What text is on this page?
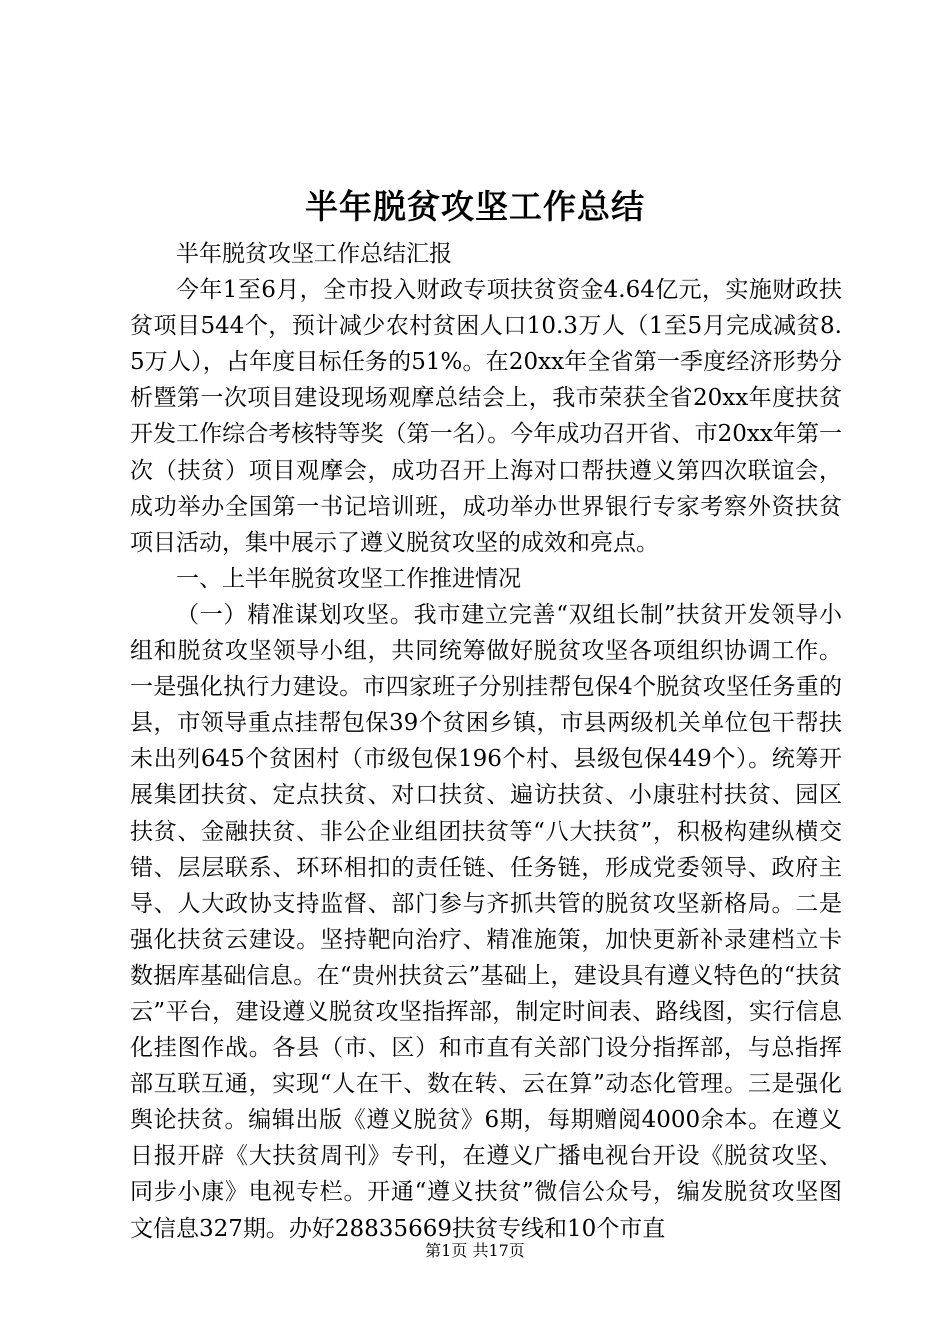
半年脱贫攻坚工作总结

半年脱贫攻坚工作总结汇报

今年1至6月，全市投入财政专项扶贫资金4.64亿元，实施财政扶贫项目544个，预计减少农村贫困人口10.3万人（1至5月完成减贫8.5万人），占年度目标任务的51%。在20xx年全省第一季度经济形势分析暨第一次项目建设现场观摩总结会上，我市荣获全省20xx年度扶贫开发工作综合考核特等奖（第一名）。今年成功召开省、市20xx年第一次（扶贫）项目观摩会，成功召开上海对口帮扶遵义第四次联谊会，成功举办全国第一书记培训班，成功举办世界银行专家考察外资扶贫项目活动，集中展示了遵义脱贫攻坚的成效和亮点。

一、上半年脱贫攻坚工作推进情况

（一）精准谋划攻坚。我市建立完善“双组长制”扶贫开发领导小组和脱贫攻坚领导小组，共同统筹做好脱贫攻坚各项组织协调工作。一是强化执行力建设。市四家班子分别挂帮包保4个脱贫攻坚任务重的县，市领导重点挂帮包保39个贫困乡镇，市县两级机关单位包干帮扶未出列645个贫困村（市级包保196个村、县级包保449个）。统筹开展集团扶贫、定点扶贫、对口扶贫、遍访扶贫、小康驻村扶贫、园区扶贫、金融扶贫、非公企业组团扶贫等“八大扶贫”，积极构建纵横交错、层层联系、环环相扣的责任链、任务链，形成党委领导、政府主导、人大政协支持监督、部门参与齐抓共管的脱贫攻坚新格局。二是强化扶贫云建设。坚持靶向治疗、精准施策，加快更新补录建档立卡数据库基础信息。在“贵州扶贫云”基础上，建设具有遵义特色的“扶贫云”平台，建设遵义脱贫攻坚指挥部，制定时间表、路线图，实行信息化挂图作战。各县（市、区）和市直有关部门设分指挥部，与总指挥部互联互通，实现“人在干、数在转、云在算”动态化管理。三是强化舆论扶贫。编辑出版《遵义脱贫》6期，每期赠阅4000余本。在遵义日报开辟《大扶贫周刊》专刊，在遵义广播电视台开设《脱贫攻坚、同步小康》电视专栏。开通“遵义扶贫”微信公众号，编发脱贫攻坚图文信息327期。办好28835669扶贫专线和10个市直

第1页 共17页
